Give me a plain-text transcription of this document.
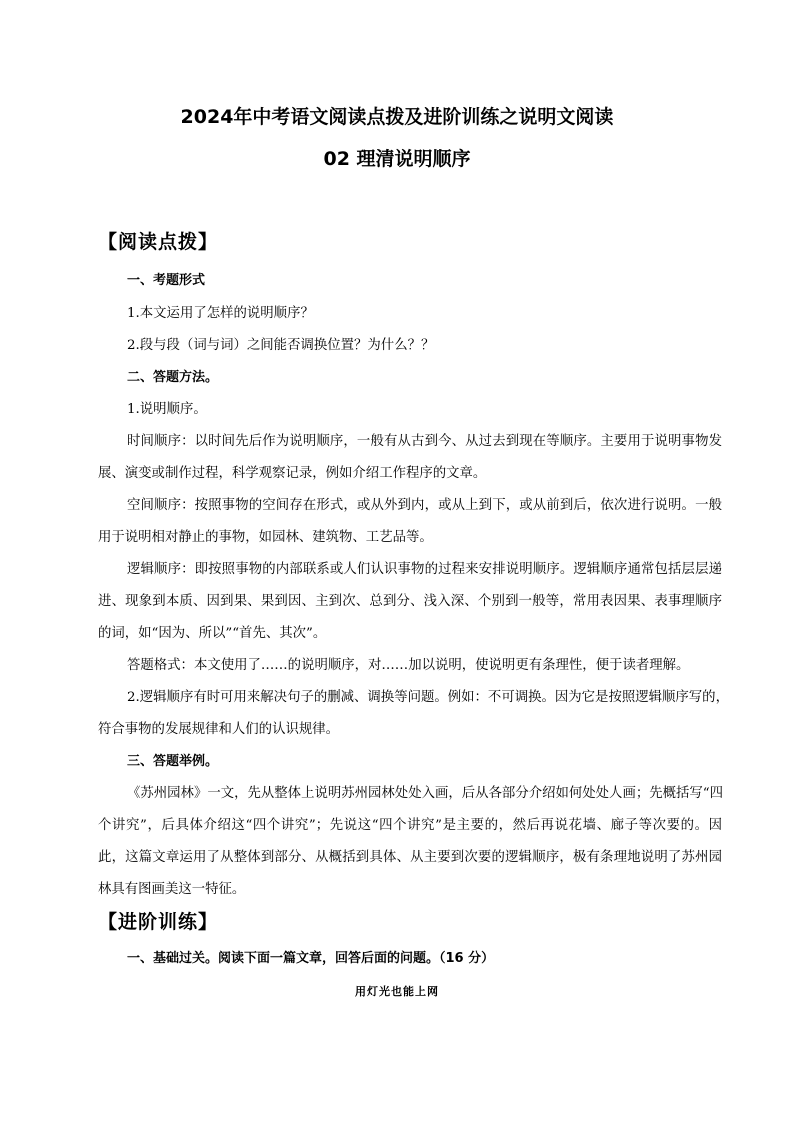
2024年中考语文阅读点拨及进阶训练之说明文阅读
02 理清说明顺序
【阅读点拨】
一、考题形式
1.本文运用了怎样的说明顺序？
2.段与段（词与词）之间能否调换位置？为什么？？
二、答题方法。
1.说明顺序。
时间顺序：以时间先后作为说明顺序，一般有从古到今、从过去到现在等顺序。主要用于说明事物发
展、演变或制作过程，科学观察记录，例如介绍工作程序的文章。
空间顺序：按照事物的空间存在形式，或从外到内，或从上到下，或从前到后，依次进行说明。一般
用于说明相对静止的事物，如园林、建筑物、工艺品等。
逻辑顺序：即按照事物的内部联系或人们认识事物的过程来安排说明顺序。逻辑顺序通常包括层层递
进、现象到本质、因到果、果到因、主到次、总到分、浅入深、个别到一般等，常用表因果、表事理顺序
的词，如“因为、所以”“首先、其次”。
答题格式：本文使用了……的说明顺序，对……加以说明，使说明更有条理性，便于读者理解。
2.逻辑顺序有时可用来解决句子的删减、调换等问题。例如：不可调换。因为它是按照逻辑顺序写的，
符合事物的发展规律和人们的认识规律。
三、答题举例。
《苏州园林》一文，先从整体上说明苏州园林处处入画，后从各部分介绍如何处处人画；先概括写“四
个讲究”，后具体介绍这“四个讲究”；先说这“四个讲究”是主要的，然后再说花墙、廊子等次要的。因
此，这篇文章运用了从整体到部分、从概括到具体、从主要到次要的逻辑顺序，极有条理地说明了苏州园
林具有图画美这一特征。
【进阶训练】
一、基础过关。阅读下面一篇文章，回答后面的问题。（16 分）
用灯光也能上网
